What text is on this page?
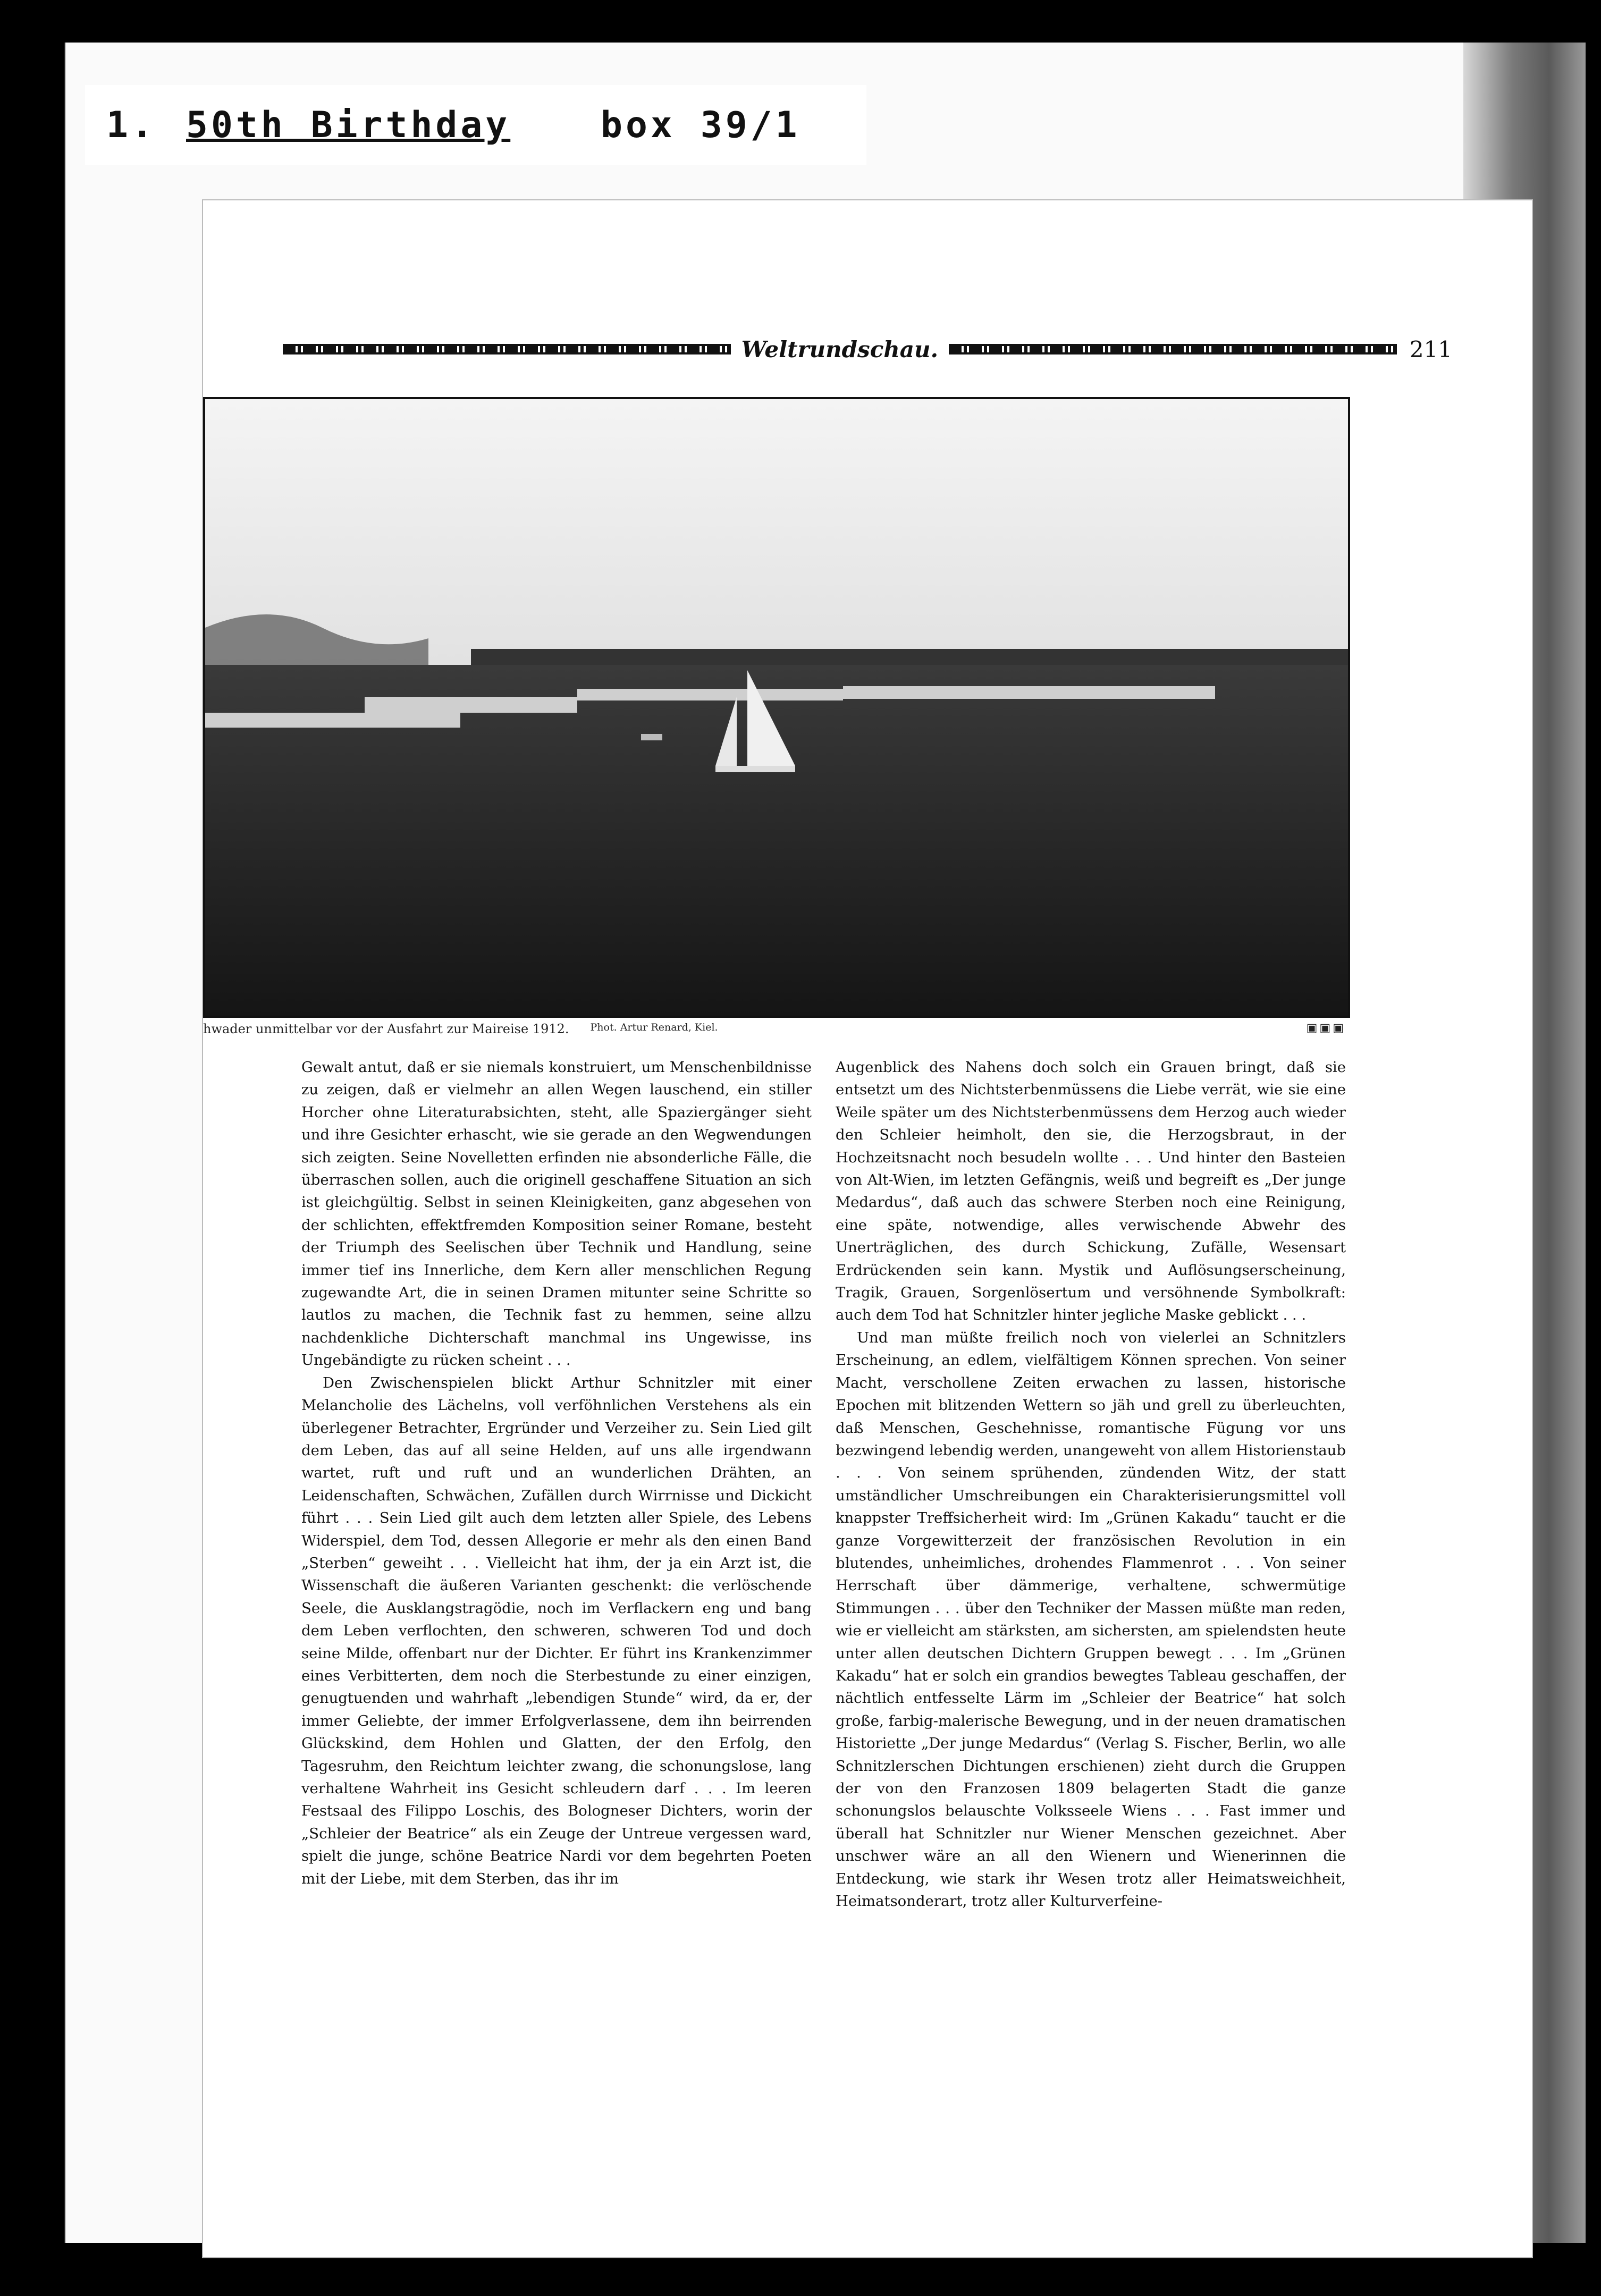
1. 50th Birthday	box 39/1
Weltrundschau.	211
hwader unmittelbar vor der Ausfahrt zur Maireise 1912. Phot. Artur Renard, Kiel.	▣▣▣

Gewalt antut, daß er sie niemals konstruiert, um Menschenbildnisse zu zeigen, daß er vielmehr an allen Wegen lauschend, ein stiller Horcher ohne Literaturabsichten, steht, alle Spaziergänger sieht und ihre Gesichter erhascht, wie sie gerade an den Wegwendungen sich zeigten. Seine Novelletten erfinden nie absonderliche Fälle, die überraschen sollen, auch die originell geschaffene Situation an sich ist gleichgültig. Selbst in seinen Kleinigkeiten, ganz abgesehen von der schlichten, effektfremden Komposition seiner Romane, besteht der Triumph des Seelischen über Technik und Handlung, seine immer tief ins Innerliche, dem Kern aller menschlichen Regung zugewandte Art, die in seinen Dramen mitunter seine Schritte so lautlos zu machen, die Technik fast zu hemmen, seine allzu nachdenkliche Dichterschaft manchmal ins Ungewisse, ins Ungebändigte zu rücken scheint . . .

Den Zwischenspielen blickt Arthur Schnitzler mit einer Melancholie des Lächelns, voll verföhnlichen Verstehens als ein überlegener Betrachter, Ergründer und Verzeiher zu. Sein Lied gilt dem Leben, das auf all seine Helden, auf uns alle irgendwann wartet, ruft und ruft und an wunderlichen Drähten, an Leidenschaften, Schwächen, Zufällen durch Wirrnisse und Dickicht führt . . . Sein Lied gilt auch dem letzten aller Spiele, des Lebens Widerspiel, dem Tod, dessen Allegorie er mehr als den einen Band „Sterben“ geweiht . . . Vielleicht hat ihm, der ja ein Arzt ist, die Wissenschaft die äußeren Varianten geschenkt: die verlöschende Seele, die Ausklangstragödie, noch im Verflackern eng und bang dem Leben verflochten, den schweren, schweren Tod und doch seine Milde, offenbart nur der Dichter. Er führt ins Krankenzimmer eines Verbitterten, dem noch die Sterbestunde zu einer einzigen, genugtuenden und wahrhaft „lebendigen Stunde“ wird, da er, der immer Geliebte, der immer Erfolgverlassene, dem ihn beirrenden Glückskind, dem Hohlen und Glatten, der den Erfolg, den Tagesruhm, den Reichtum leichter zwang, die schonungslose, lang verhaltene Wahrheit ins Gesicht schleudern darf . . . Im leeren Festsaal des Filippo Loschis, des Bologneser Dichters, worin der „Schleier der Beatrice“ als ein Zeuge der Untreue vergessen ward, spielt die junge, schöne Beatrice Nardi vor dem begehrten Poeten mit der Liebe, mit dem Sterben, das ihr im

Augenblick des Nahens doch solch ein Grauen bringt, daß sie entsetzt um des Nichtsterbenmüssens die Liebe verrät, wie sie eine Weile später um des Nichtsterbenmüssens dem Herzog auch wieder den Schleier heimholt, den sie, die Herzogsbraut, in der Hochzeitsnacht noch besudeln wollte . . . Und hinter den Basteien von Alt-Wien, im letzten Gefängnis, weiß und begreift es „Der junge Medardus“, daß auch das schwere Sterben noch eine Reinigung, eine späte, notwendige, alles verwischende Abwehr des Unerträglichen, des durch Schickung, Zufälle, Wesensart Erdrückenden sein kann. Mystik und Auflösungserscheinung, Tragik, Grauen, Sorgenlösertum und versöhnende Symbolkraft: auch dem Tod hat Schnitzler hinter jegliche Maske geblickt . . .

Und man müßte freilich noch von vielerlei an Schnitzlers Erscheinung, an edlem, vielfältigem Können sprechen. Von seiner Macht, verschollene Zeiten erwachen zu lassen, historische Epochen mit blitzenden Wettern so jäh und grell zu überleuchten, daß Menschen, Geschehnisse, romantische Fügung vor uns bezwingend lebendig werden, unangeweht von allem Historienstaub . . . Von seinem sprühenden, zündenden Witz, der statt umständlicher Umschreibungen ein Charakterisierungsmittel voll knappster Treffsicherheit wird: Im „Grünen Kakadu“ taucht er die ganze Vorgewitterzeit der französischen Revolution in ein blutendes, unheimliches, drohendes Flammenrot . . . Von seiner Herrschaft über dämmerige, verhaltene, schwermütige Stimmungen . . . über den Techniker der Massen müßte man reden, wie er vielleicht am stärksten, am sichersten, am spielendsten heute unter allen deutschen Dichtern Gruppen bewegt . . . Im „Grünen Kakadu“ hat er solch ein grandios bewegtes Tableau geschaffen, der nächtlich entfesselte Lärm im „Schleier der Beatrice“ hat solch große, farbig-malerische Bewegung, und in der neuen dramatischen Historiette „Der junge Medardus“ (Verlag S. Fischer, Berlin, wo alle Schnitzlerschen Dichtungen erschienen) zieht durch die Gruppen der von den Franzosen 1809 belagerten Stadt die ganze schonungslos belauschte Volksseele Wiens . . . Fast immer und überall hat Schnitzler nur Wiener Menschen gezeichnet. Aber unschwer wäre an all den Wienern und Wienerinnen die Entdeckung, wie stark ihr Wesen trotz aller Heimatsweichheit, Heimatsonderart, trotz aller Kulturverfeine-
